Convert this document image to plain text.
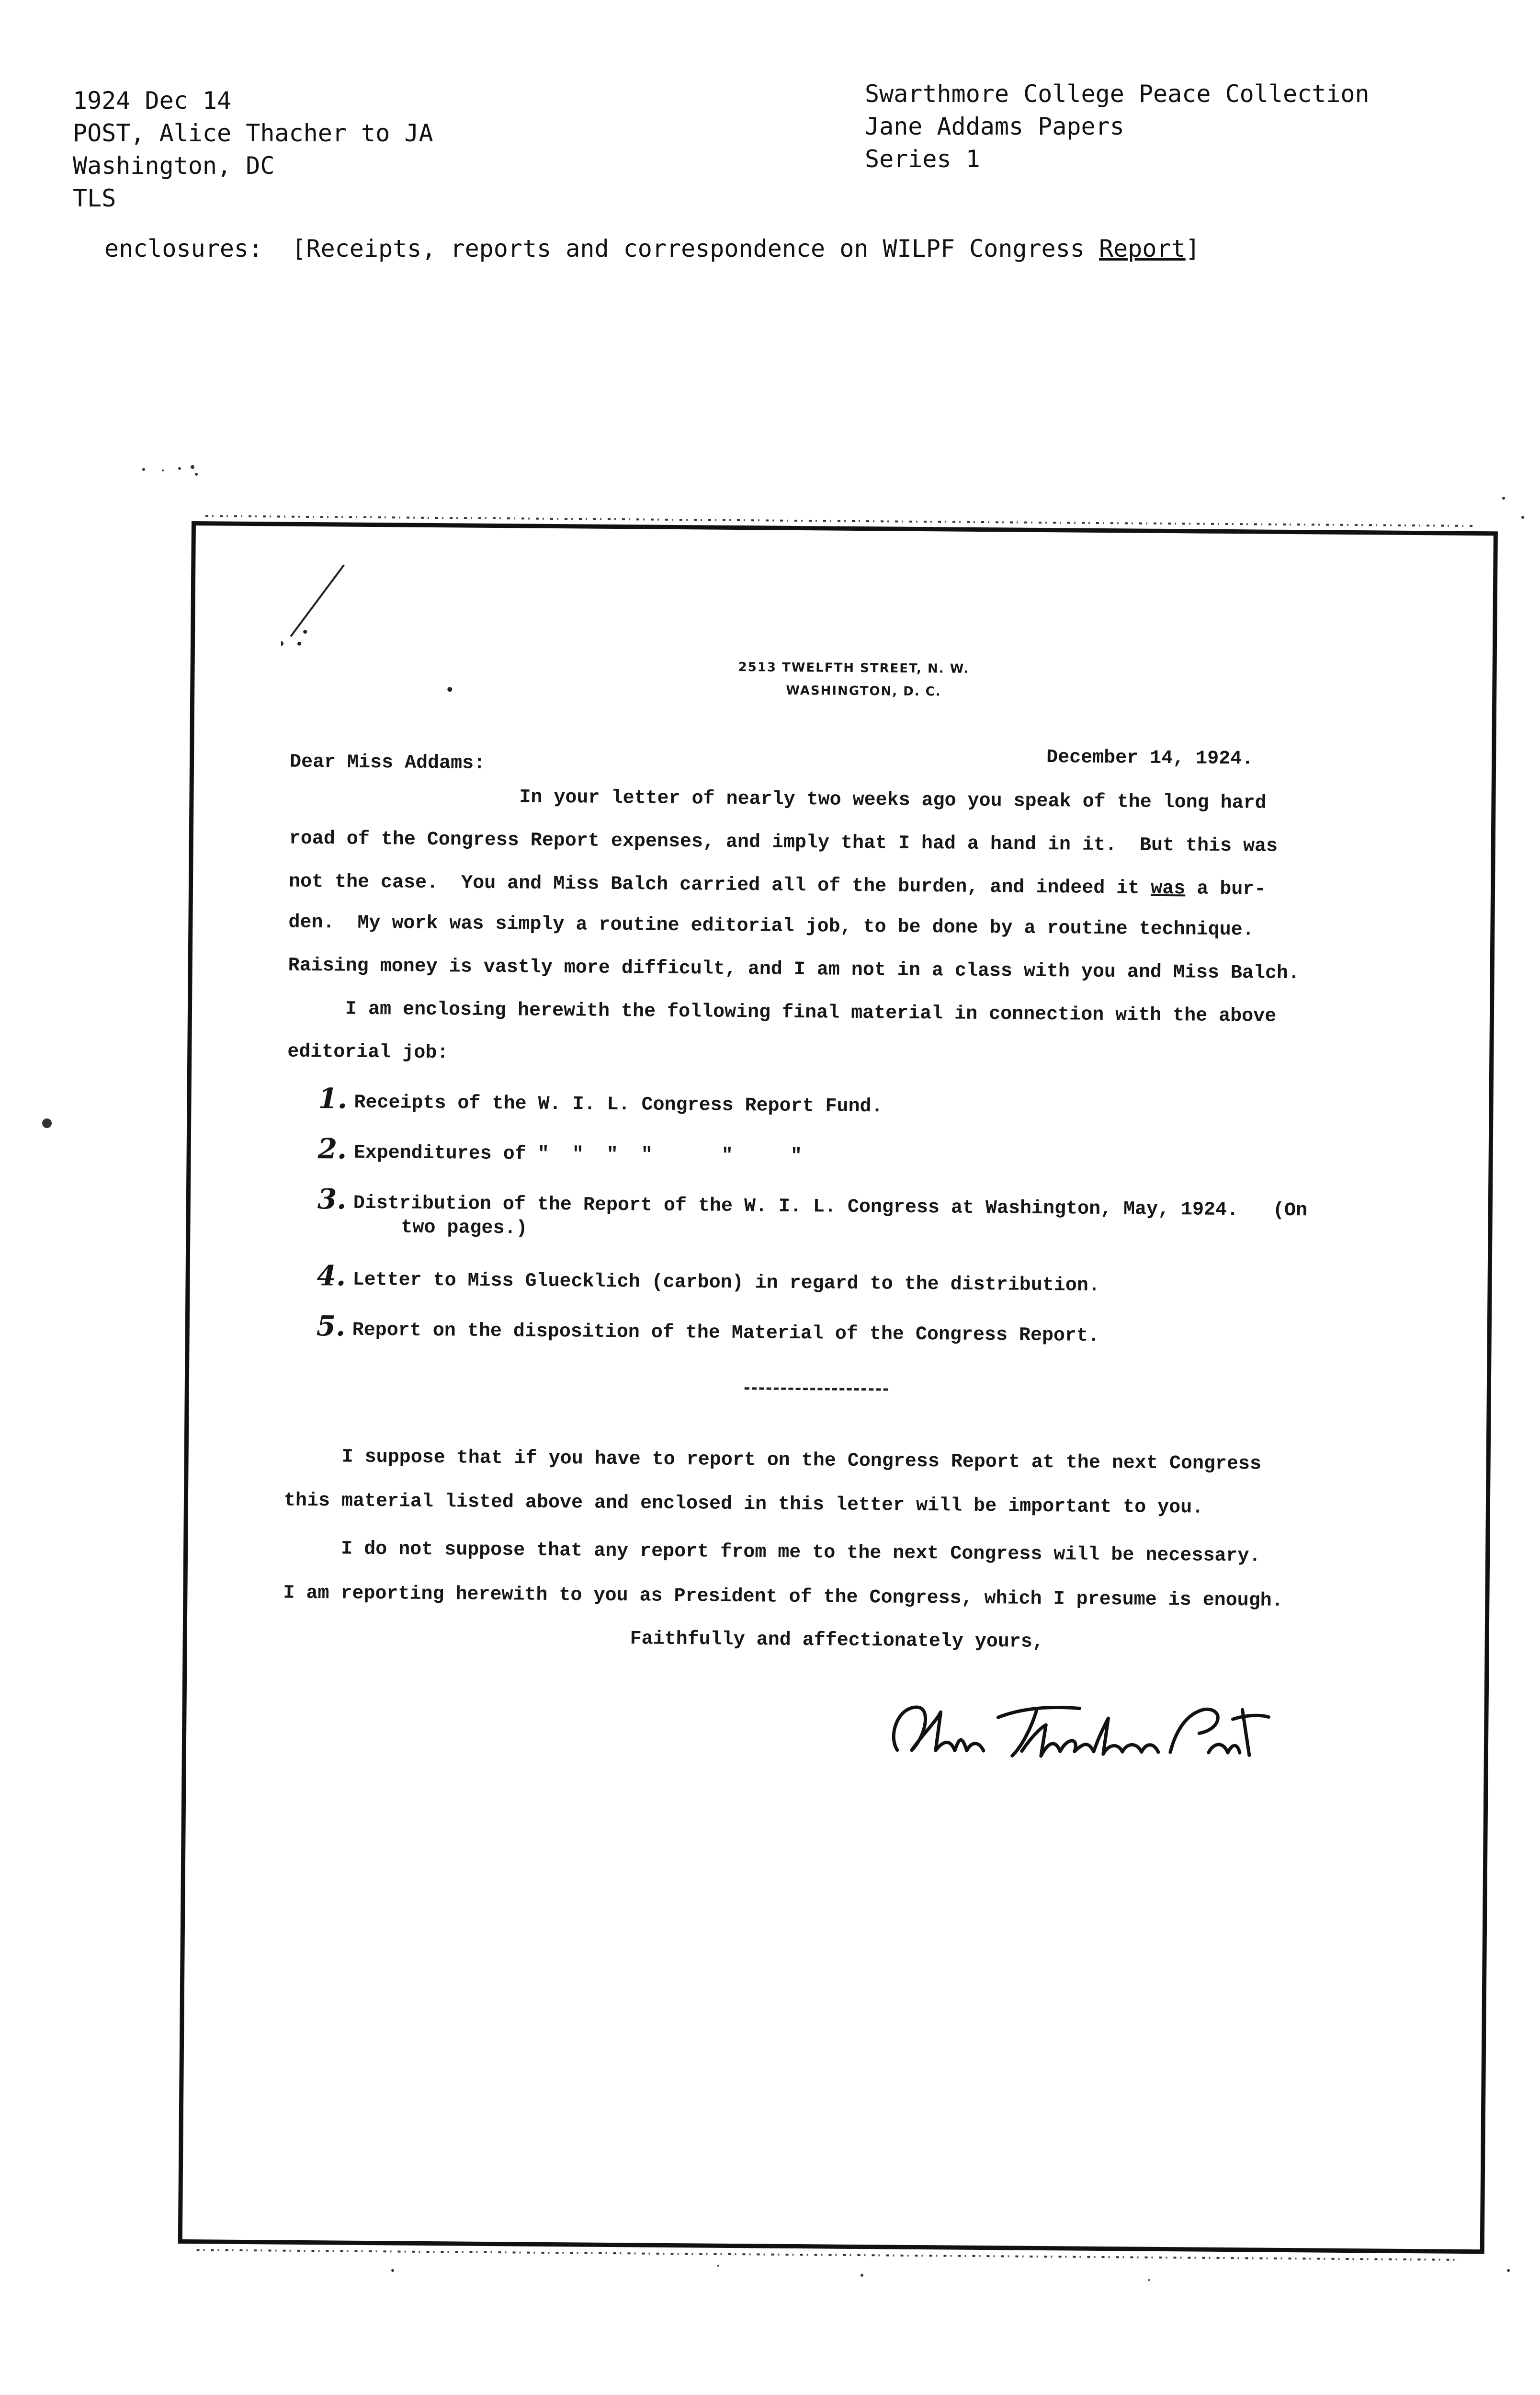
1924 Dec 14
POST, Alice Thacher to JA
Washington, DC
TLS
Swarthmore College Peace Collection
Jane Addams Papers
Series 1
enclosures:  [Receipts, reports and correspondence on WILPF Congress Report]
2513 TWELFTH STREET, N. W.
WASHINGTON, D. C.
Dear Miss Addams:	December 14, 1924.
In your letter of nearly two weeks ago you speak of the long hard
road of the Congress Report expenses, and imply that I had a hand in it.  But this was
not the case.  You and Miss Balch carried all of the burden, and indeed it was a bur-
den.  My work was simply a routine editorial job, to be done by a routine technique.
Raising money is vastly more difficult, and I am not in a class with you and Miss Balch.
I am enclosing herewith the following final material in connection with the above
editorial job:
1. Receipts of the W. I. L. Congress Report Fund.
2. Expenditures of "  "  "  "      "     "
3. Distribution of the Report of the W. I. L. Congress at Washington, May, 1924.   (On
two pages.)
4. Letter to Miss Gluecklich (carbon) in regard to the distribution.
5. Report on the disposition of the Material of the Congress Report.
I suppose that if you have to report on the Congress Report at the next Congress
this material listed above and enclosed in this letter will be important to you.
I do not suppose that any report from me to the next Congress will be necessary.
I am reporting herewith to you as President of the Congress, which I presume is enough.
Faithfully and affectionately yours,
